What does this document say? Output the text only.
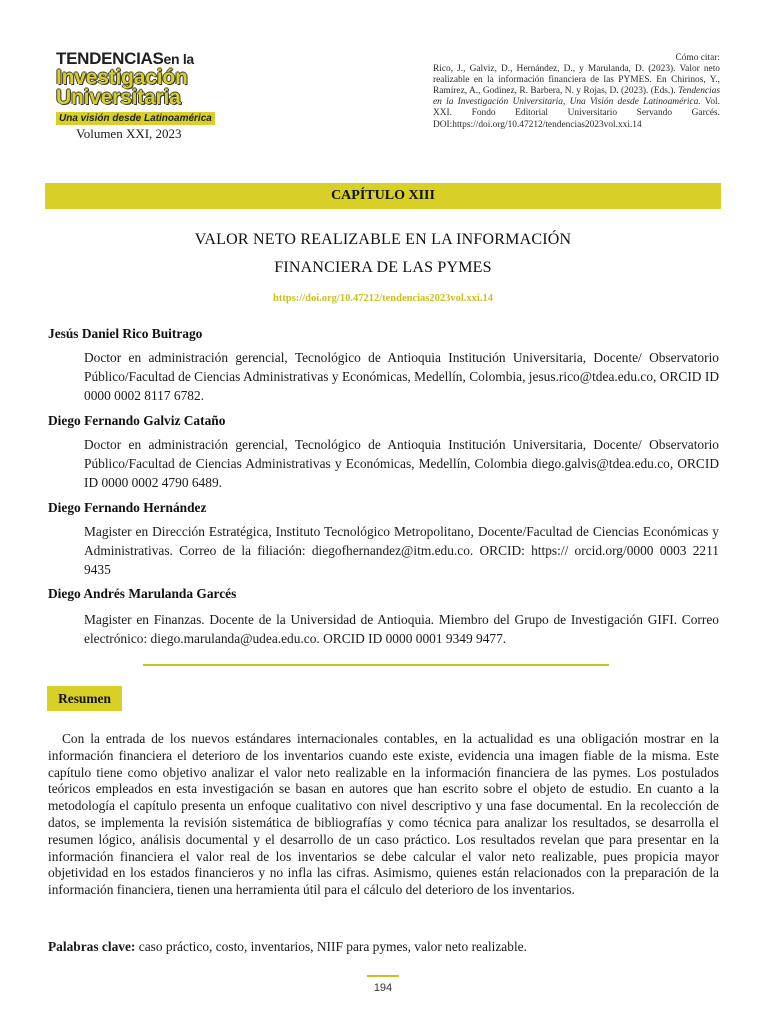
TENDENCIASen la
Investigación
Universitaria
Una visión desde Latinoamérica
Volumen XXI, 2023
Cómo citar:
Rico, J., Galviz, D., Hernández, D., y Marulanda, D. (2023). Valor neto realizable en la información financiera de las PYMES. En Chirinos, Y., Ramírez, A., Godínez, R. Barbera, N. y Rojas, D. (2023). (Eds.). Tendencias en la Investigación Universitaria, Una Visión desde Latinoamérica. Vol. XXI. Fondo Editorial Universitario Servando Garcés. DOI:https://doi.org/10.47212/tendencias2023vol.xxi.14
CAPÍTULO XIII
VALOR NETO REALIZABLE EN LA INFORMACIÓN
FINANCIERA DE LAS PYMES
https://doi.org/10.47212/tendencias2023vol.xxi.14
Jesús Daniel Rico Buitrago
Doctor en administración gerencial, Tecnológico de Antioquia Institución Universitaria, Docente/ Observatorio Público/Facultad de Ciencias Administrativas y Económicas, Medellín, Colombia, jesus.rico@tdea.edu.co, ORCID ID 0000 0002 8117 6782.
Diego Fernando Galviz Cataño
Doctor en administración gerencial, Tecnológico de Antioquia Institución Universitaria, Docente/ Observatorio Público/Facultad de Ciencias Administrativas y Económicas, Medellín, Colombia diego.galvis@tdea.edu.co, ORCID ID 0000 0002 4790 6489.
Diego Fernando Hernández
Magister en Dirección Estratégica, Instituto Tecnológico Metropolitano, Docente/Facultad de Ciencias Económicas y Administrativas. Correo de la filiación: diegofhernandez@itm.edu.co. ORCID: https:// orcid.org/0000 0003 2211 9435
Diego Andrés Marulanda Garcés
Magister en Finanzas. Docente de la Universidad de Antioquia. Miembro del Grupo de Investigación GIFI. Correo electrónico: diego.marulanda@udea.edu.co. ORCID ID 0000 0001 9349 9477.
Resumen
Con la entrada de los nuevos estándares internacionales contables, en la actualidad es una obligación mostrar en la información financiera el deterioro de los inventarios cuando este existe, evidencia una imagen fiable de la misma. Este capítulo tiene como objetivo analizar el valor neto realizable en la información financiera de las pymes. Los postulados teóricos empleados en esta investigación se basan en autores que han escrito sobre el objeto de estudio. En cuanto a la metodología el capítulo presenta un enfoque cualitativo con nivel descriptivo y una fase documental. En la recolección de datos, se implementa la revisión sistemática de bibliografías y como técnica para analizar los resultados, se desarrolla el resumen lógico, análisis documental y el desarrollo de un caso práctico. Los resultados revelan que para presentar en la información financiera el valor real de los inventarios se debe calcular el valor neto realizable, pues propicia mayor objetividad en los estados financieros y no infla las cifras. Asimismo, quienes están relacionados con la preparación de la información financiera, tienen una herramienta útil para el cálculo del deterioro de los inventarios.
Palabras clave: caso práctico, costo, inventarios, NIIF para pymes, valor neto realizable.
194
